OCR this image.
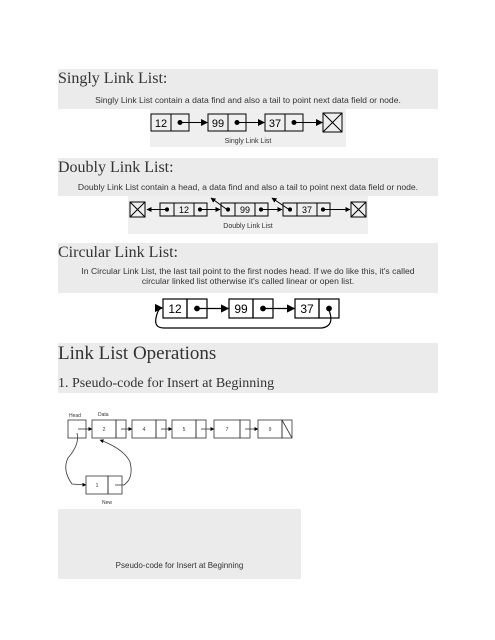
Singly Link List:
Singly Link List contain a data find and also a tail to point next data field or node.
Singly Link List
Doubly Link List:
Doubly Link List contain a head, a data find and also a tail to point next data field or node.
Doubly Link List
Circular Link List:
In Circular Link List, the last tail point to the first nodes head. If we do like this, it's called
circular linked list otherwise it's called linear or open list.
Link List Operations
1. Pseudo-code for Insert at Beginning
Pseudo-code for Insert at Beginning
12	99	37
12	99	37
12	99	37
Head	Data
2	4	5	7	9
1
New
